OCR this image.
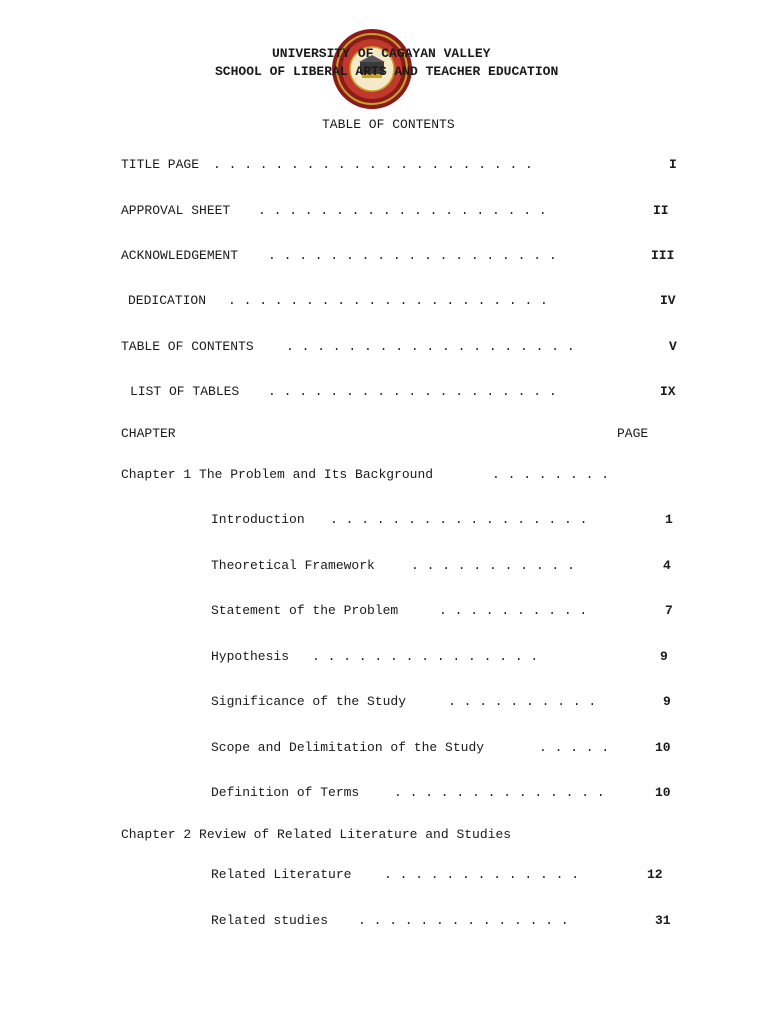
UNIVERSITY OF CAGAYAN VALLEY
SCHOOL OF LIBERAL ARTS AND TEACHER EDUCATION
TABLE OF CONTENTS
TITLE PAGE . . . . . . . . . . . . . . . . . . . . .	I
APPROVAL SHEET . . . . . . . . . . . . . . . . . . .	II
ACKNOWLEDGEMENT . . . . . . . . . . . . . . . . . . .	III
DEDICATION . . . . . . . . . . . . . . . . . . . . .	IV
TABLE OF CONTENTS . . . . . . . . . . . . . . . . . . .	V
LIST OF TABLES . . . . . . . . . . . . . . . . . . .	IX
CHAPTER	PAGE
Chapter 1 The Problem and Its Background	. . . . . . . .
Introduction . . . . . . . . . . . . . . . . .	1
Theoretical Framework	. . . . . . . . . . .	4
Statement of the Problem	. . . . . . . . . .	7
Hypothesis . . . . . . . . . . . . . . .	9
Significance of the Study	. . . . . . . . . .	9
Scope and Delimitation of the Study	. . . . .	10
Definition of Terms	. . . . . . . . . . . . . .	10
Chapter 2 Review of Related Literature and Studies
Related Literature	. . . . . . . . . . . . .	12
Related studies . . . . . . . . . . . . . .	31
